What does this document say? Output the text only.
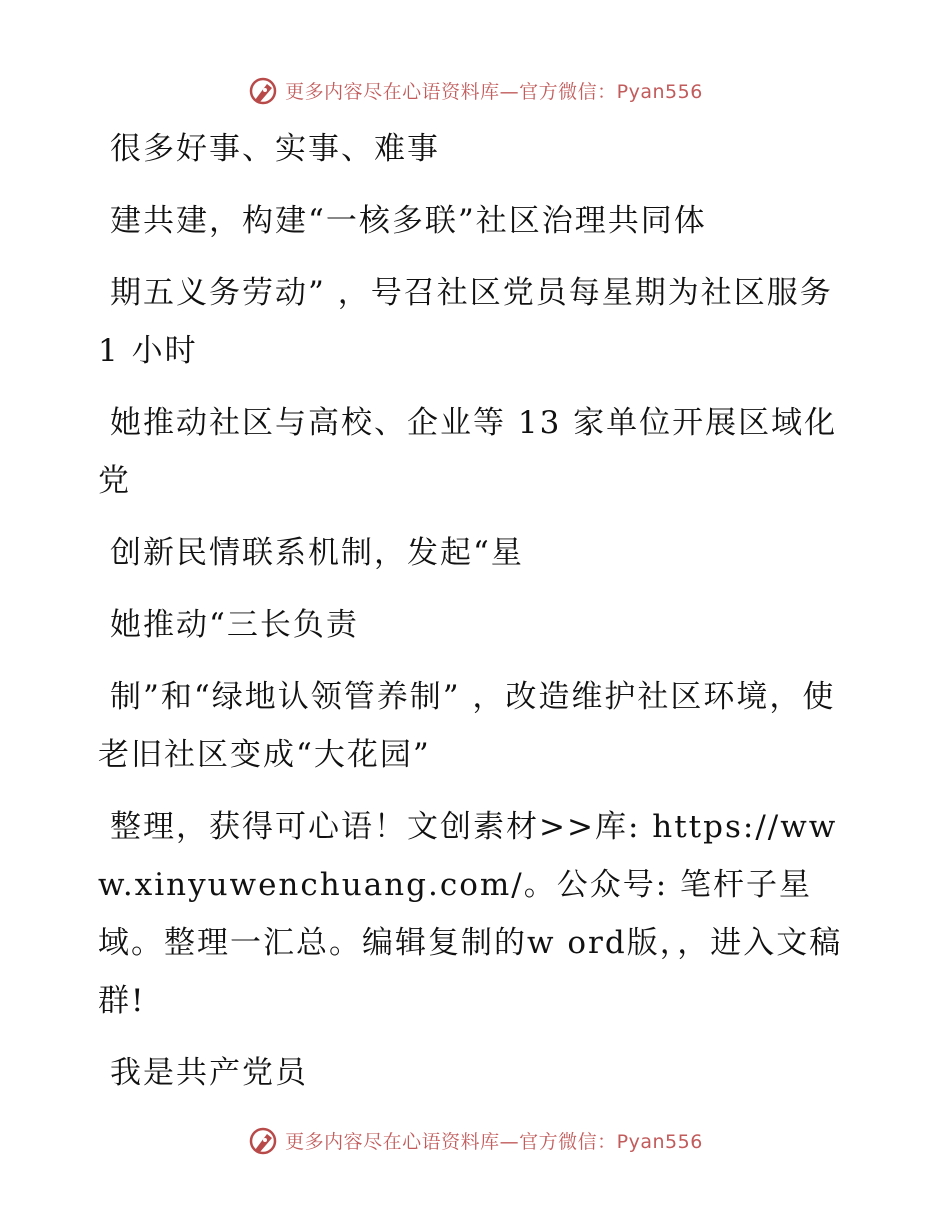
更多内容尽在心语资料库—官方微信：Pyan556

很多好事、实事、难事

建共建，构建“一核多联”社区治理共同体

期五义务劳动” ，号召社区党员每星期为社区服务 1 小时

她推动社区与高校、企业等 13 家单位开展区域化党

创新民情联系机制，发起“星

她推动“三长负责

制”和“绿地认领管养制” ，改造维护社区环境，使老旧社区变成“大花园”

整理，获得可心语！文创素材>>库: https://www.xinyuwenchuang.com/。公众号: 笔杆子星域。整理一汇总。编辑复制的w ord版，，进入文稿群!

我是共产党员

更多内容尽在心语资料库—官方微信：Pyan556
